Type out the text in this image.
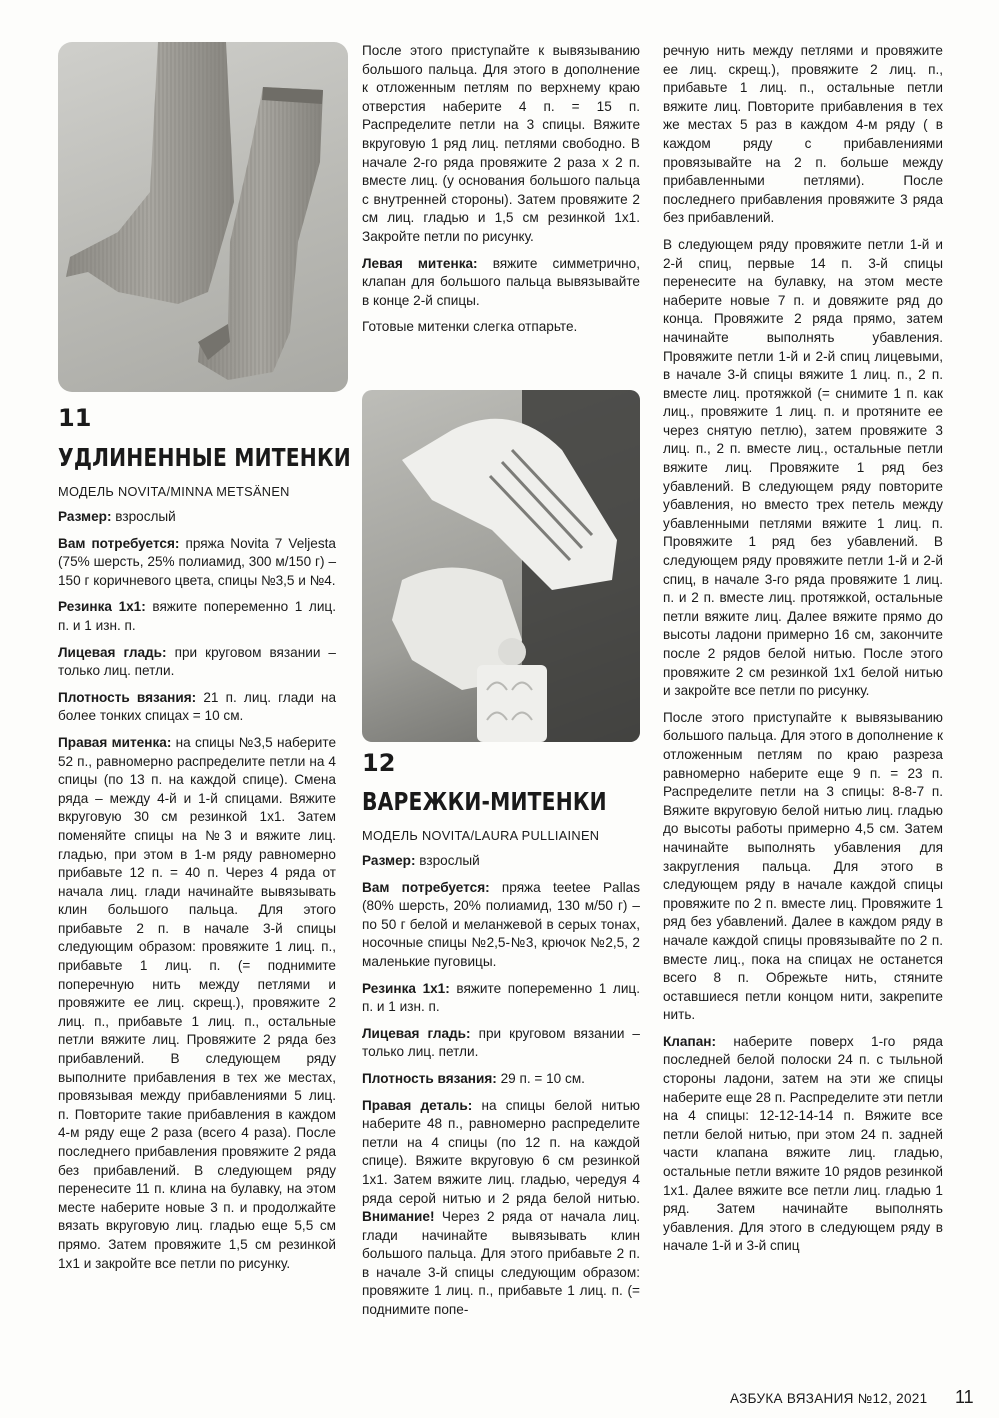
11
УДЛИНЕННЫЕ МИТЕНКИ
МОДЕЛЬ NOVITA/MINNA METSÄNEN

Размер: взрослый

Вам потребуется: пряжа Novita 7 Veljesta (75% шерсть, 25% полиамид, 300 м/150 г) – 150 г коричневого цвета, спицы №3,5 и №4.

Резинка 1х1: вяжите попеременно 1 лиц. п. и 1 изн. п.

Лицевая гладь: при круговом вязании – только лиц. петли.

Плотность вязания: 21 п. лиц. глади на более тонких спицах = 10 см.

Правая митенка: на спицы №3,5 наберите 52 п., равномерно распределите петли на 4 спицы (по 13 п. на каждой спице). Смена ряда – между 4-й и 1-й спицами. Вяжите вкруговую 30 см резинкой 1х1. Затем поменяйте спицы на №3 и вяжите лиц. гладью, при этом в 1-м ряду равномерно прибавьте 12 п. = 40 п. Через 4 ряда от начала лиц. глади начинайте вывязывать клин большого пальца. Для этого прибавьте 2 п. в начале 3-й спицы следующим образом: провяжите 1 лиц. п., прибавьте 1 лиц. п. (= поднимите поперечную нить между петлями и провяжите ее лиц. скрещ.), провяжите 2 лиц. п., прибавьте 1 лиц. п., остальные петли вяжите лиц. Провяжите 2 ряда без прибавлений. В следующем ряду выполните прибавления в тех же местах, провязывая между прибавлениями 5 лиц. п. Повторите такие прибавления в каждом 4-м ряду еще 2 раза (всего 4 раза). После последнего прибавления провяжите 2 ряда без прибавлений. В следующем ряду перенесите 11 п. клина на булавку, на этом месте наберите новые 3 п. и продолжайте вязать вкруговую лиц. гладью еще 5,5 см прямо. Затем провяжите 1,5 см резинкой 1х1 и закройте все петли по рисунку.

После этого приступайте к вывязыванию большого пальца. Для этого в дополнение к отложенным петлям по верхнему краю отверстия наберите 4 п. = 15 п. Распределите петли на 3 спицы. Вяжите вкруговую 1 ряд лиц. петлями свободно. В начале 2-го ряда провяжите 2 раза х 2 п. вместе лиц. (у основания большого пальца с внутренней стороны). Затем провяжите 2 см лиц. гладью и 1,5 см резинкой 1х1. Закройте петли по рисунку.

Левая митенка: вяжите симметрично, клапан для большого пальца вывязывайте в конце 2-й спицы.

Готовые митенки слегка отпарьте.

12
ВАРЕЖКИ-МИТЕНКИ
МОДЕЛЬ NOVITA/LAURA PULLIAINEN

Размер: взрослый

Вам потребуется: пряжа teetee Pallas (80% шерсть, 20% полиамид, 130 м/50 г) – по 50 г белой и меланжевой в серых тонах, носочные спицы №2,5-№3, крючок №2,5, 2 маленькие пуговицы.

Резинка 1х1: вяжите попеременно 1 лиц. п. и 1 изн. п.

Лицевая гладь: при круговом вязании – только лиц. петли.

Плотность вязания: 29 п. = 10 см.

Правая деталь: на спицы белой нитью наберите 48 п., равномерно распределите петли на 4 спицы (по 12 п. на каждой спице). Вяжите вкруговую 6 см резинкой 1х1. Затем вяжите лиц. гладью, чередуя 4 ряда серой нитью и 2 ряда белой нитью. Внимание! Через 2 ряда от начала лиц. глади начинайте вывязывать клин большого пальца. Для этого прибавьте 2 п. в начале 3-й спицы следующим образом: провяжите 1 лиц. п., прибавьте 1 лиц. п. (= поднимите попе-

речную нить между петлями и провяжите ее лиц. скрещ.), провяжите 2 лиц. п., прибавьте 1 лиц. п., остальные петли вяжите лиц. Повторите прибавления в тех же местах 5 раз в каждом 4-м ряду ( в каждом ряду с прибавлениями провязывайте на 2 п. больше между прибавленными петлями). После последнего прибавления провяжите 3 ряда без прибавлений.

В следующем ряду провяжите петли 1-й и 2-й спиц, первые 14 п. 3-й спицы перенесите на булавку, на этом месте наберите новые 7 п. и довяжите ряд до конца. Провяжите 2 ряда прямо, затем начинайте выполнять убавления. Провяжите петли 1-й и 2-й спиц лицевыми, в начале 3-й спицы вяжите 1 лиц. п., 2 п. вместе лиц. протяжкой (= снимите 1 п. как лиц., провяжите 1 лиц. п. и протяните ее через снятую петлю), затем провяжите 3 лиц. п., 2 п. вместе лиц., остальные петли вяжите лиц. Провяжите 1 ряд без убавлений. В следующем ряду повторите убавления, но вместо трех петель между убавленными петлями вяжите 1 лиц. п. Провяжите 1 ряд без убавлений. В следующем ряду провяжите петли 1-й и 2-й спиц, в начале 3-го ряда провяжите 1 лиц. п. и 2 п. вместе лиц. протяжкой, остальные петли вяжите лиц. Далее вяжите прямо до высоты ладони примерно 16 см, закончите после 2 рядов белой нитью. После этого провяжите 2 см резинкой 1х1 белой нитью и закройте все петли по рисунку.

После этого приступайте к вывязыванию большого пальца. Для этого в дополнение к отложенным петлям по краю разреза равномерно наберите еще 9 п. = 23 п. Распределите петли на 3 спицы: 8-8-7 п. Вяжите вкруговую белой нитью лиц. гладью до высоты работы примерно 4,5 см. Затем начинайте выполнять убавления для закругления пальца. Для этого в следующем ряду в начале каждой спицы провяжите по 2 п. вместе лиц. Провяжите 1 ряд без убавлений. Далее в каждом ряду в начале каждой спицы провязывайте по 2 п. вместе лиц., пока на спицах не останется всего 8 п. Обрежьте нить, стяните оставшиеся петли концом нити, закрепите нить.

Клапан: наберите поверх 1-го ряда последней белой полоски 24 п. с тыльной стороны ладони, затем на эти же спицы наберите еще 28 п. Распределите эти петли на 4 спицы: 12-12-14-14 п. Вяжите все петли белой нитью, при этом 24 п. задней части клапана вяжите лиц. гладью, остальные петли вяжите 10 рядов резинкой 1х1. Далее вяжите все петли лиц. гладью 1 ряд. Затем начинайте выполнять убавления. Для этого в следующем ряду в начале 1-й и 3-й спиц

АЗБУКА ВЯЗАНИЯ №12, 2021 11
